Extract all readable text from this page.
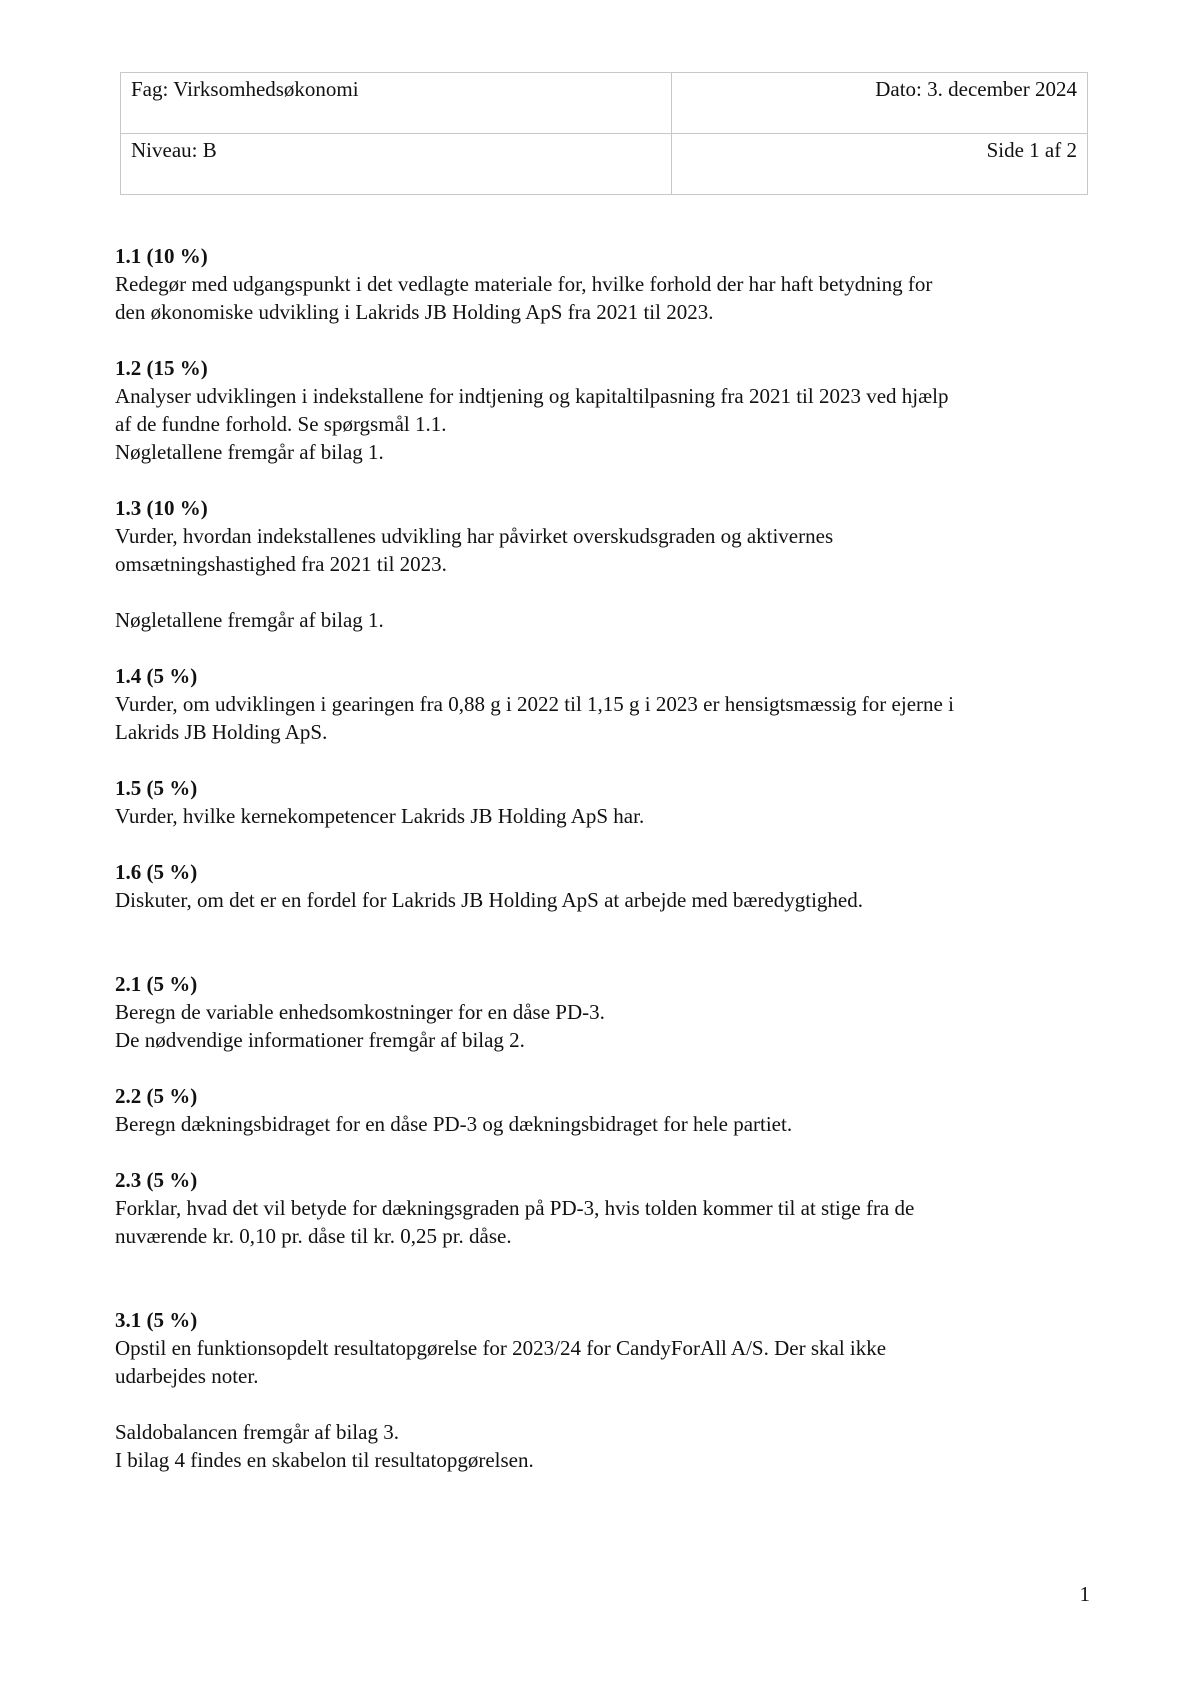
Fag: Virksomhedsøkonomi	Dato: 3. december 2024
Niveau: B	Side 1 af 2
1.1 (10 %)
Redegør med udgangspunkt i det vedlagte materiale for, hvilke forhold der har haft betydning for
den økonomiske udvikling i Lakrids JB Holding ApS fra 2021 til 2023.
1.2 (15 %)
Analyser udviklingen i indekstallene for indtjening og kapitaltilpasning fra 2021 til 2023 ved hjælp
af de fundne forhold. Se spørgsmål 1.1.
Nøgletallene fremgår af bilag 1.
1.3 (10 %)
Vurder, hvordan indekstallenes udvikling har påvirket overskudsgraden og aktivernes
omsætningshastighed fra 2021 til 2023.
Nøgletallene fremgår af bilag 1.
1.4 (5 %)
Vurder, om udviklingen i gearingen fra 0,88 g i 2022 til 1,15 g i 2023 er hensigtsmæssig for ejerne i
Lakrids JB Holding ApS.
1.5 (5 %)
Vurder, hvilke kernekompetencer Lakrids JB Holding ApS har.
1.6 (5 %)
Diskuter, om det er en fordel for Lakrids JB Holding ApS at arbejde med bæredygtighed.
2.1 (5 %)
Beregn de variable enhedsomkostninger for en dåse PD-3.
De nødvendige informationer fremgår af bilag 2.
2.2 (5 %)
Beregn dækningsbidraget for en dåse PD-3 og dækningsbidraget for hele partiet.
2.3 (5 %)
Forklar, hvad det vil betyde for dækningsgraden på PD-3, hvis tolden kommer til at stige fra de
nuværende kr. 0,10 pr. dåse til kr. 0,25 pr. dåse.
3.1 (5 %)
Opstil en funktionsopdelt resultatopgørelse for 2023/24 for CandyForAll A/S. Der skal ikke
udarbejdes noter.
Saldobalancen fremgår af bilag 3.
I bilag 4 findes en skabelon til resultatopgørelsen.
1
